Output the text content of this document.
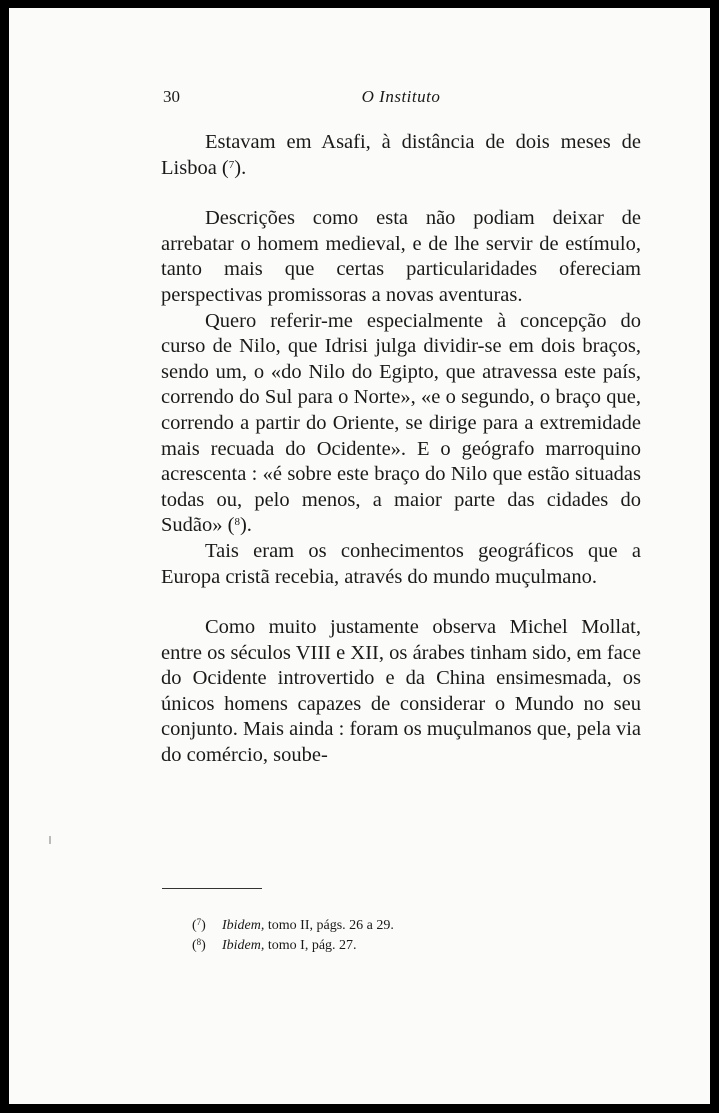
30	O Instituto

Estavam em Asafi, à distância de dois meses de Lisboa ($^7$).

Descrições como esta não podiam deixar de arrebatar o homem medieval, e de lhe servir de estímulo, tanto mais que certas particularidades ofereciam perspectivas promissoras a novas aventuras.

Quero referir-me especialmente à concepção do curso de Nilo, que Idrisi julga dividir-se em dois braços, sendo um, o «do Nilo do Egipto, que atravessa este país, correndo do Sul para o Norte», «e o segundo, o braço que, correndo a partir do Oriente, se dirige para a extremidade mais recuada do Ocidente». E o geógrafo marroquino acrescenta : «é sobre este braço do Nilo que estão situadas todas ou, pelo menos, a maior parte das cidades do Sudão» ($^8$).

Tais eram os conhecimentos geográficos que a Europa cristã recebia, através do mundo muçulmano.

Como muito justamente observa Michel Mollat, entre os séculos VIII e XII, os árabes tinham sido, em face do Ocidente introvertido e da China ensimesmada, os únicos homens capazes de considerar o Mundo no seu conjunto. Mais ainda : foram os muçulmanos que, pela via do comércio, soube-

($^7$) Ibidem, tomo II, págs. 26 a 29.
($^8$) Ibidem, tomo I, pág. 27.
